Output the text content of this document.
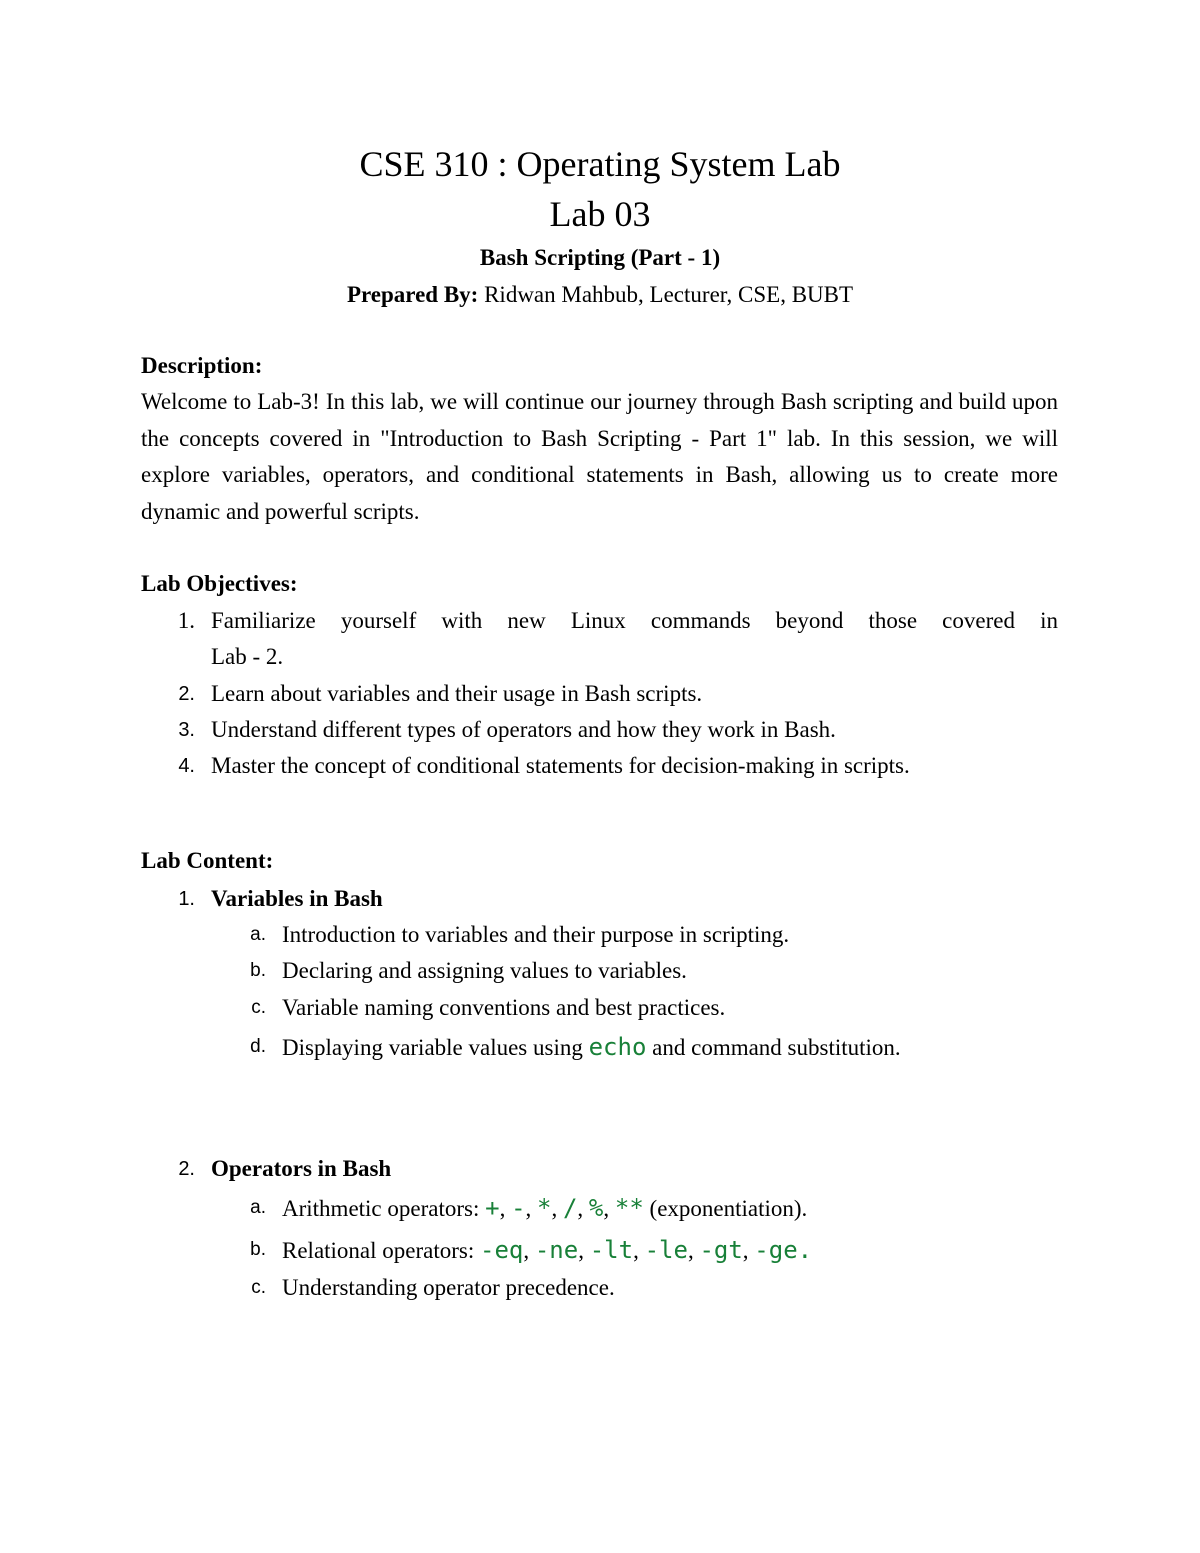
CSE 310 : Operating System Lab
Lab 03
Bash Scripting (Part - 1)
Prepared By: Ridwan Mahbub, Lecturer, CSE, BUBT
Description:
Welcome to Lab-3! In this lab, we will continue our journey through Bash scripting and build upon the concepts covered in "Introduction to Bash Scripting - Part 1" lab. In this session, we will explore variables, operators, and conditional statements in Bash, allowing us to create more dynamic and powerful scripts.
Lab Objectives:
1. Familiarize yourself with new Linux commands beyond those covered in
Lab - 2.
2. Learn about variables and their usage in Bash scripts.
3. Understand different types of operators and how they work in Bash.
4. Master the concept of conditional statements for decision-making in scripts.
Lab Content:
1. Variables in Bash
a. Introduction to variables and their purpose in scripting.
b. Declaring and assigning values to variables.
c. Variable naming conventions and best practices.
d. Displaying variable values using echo and command substitution.
2. Operators in Bash
a. Arithmetic operators: +, -, *, /, %, ** (exponentiation).
b. Relational operators: -eq, -ne, -lt, -le, -gt, -ge.
c. Understanding operator precedence.
